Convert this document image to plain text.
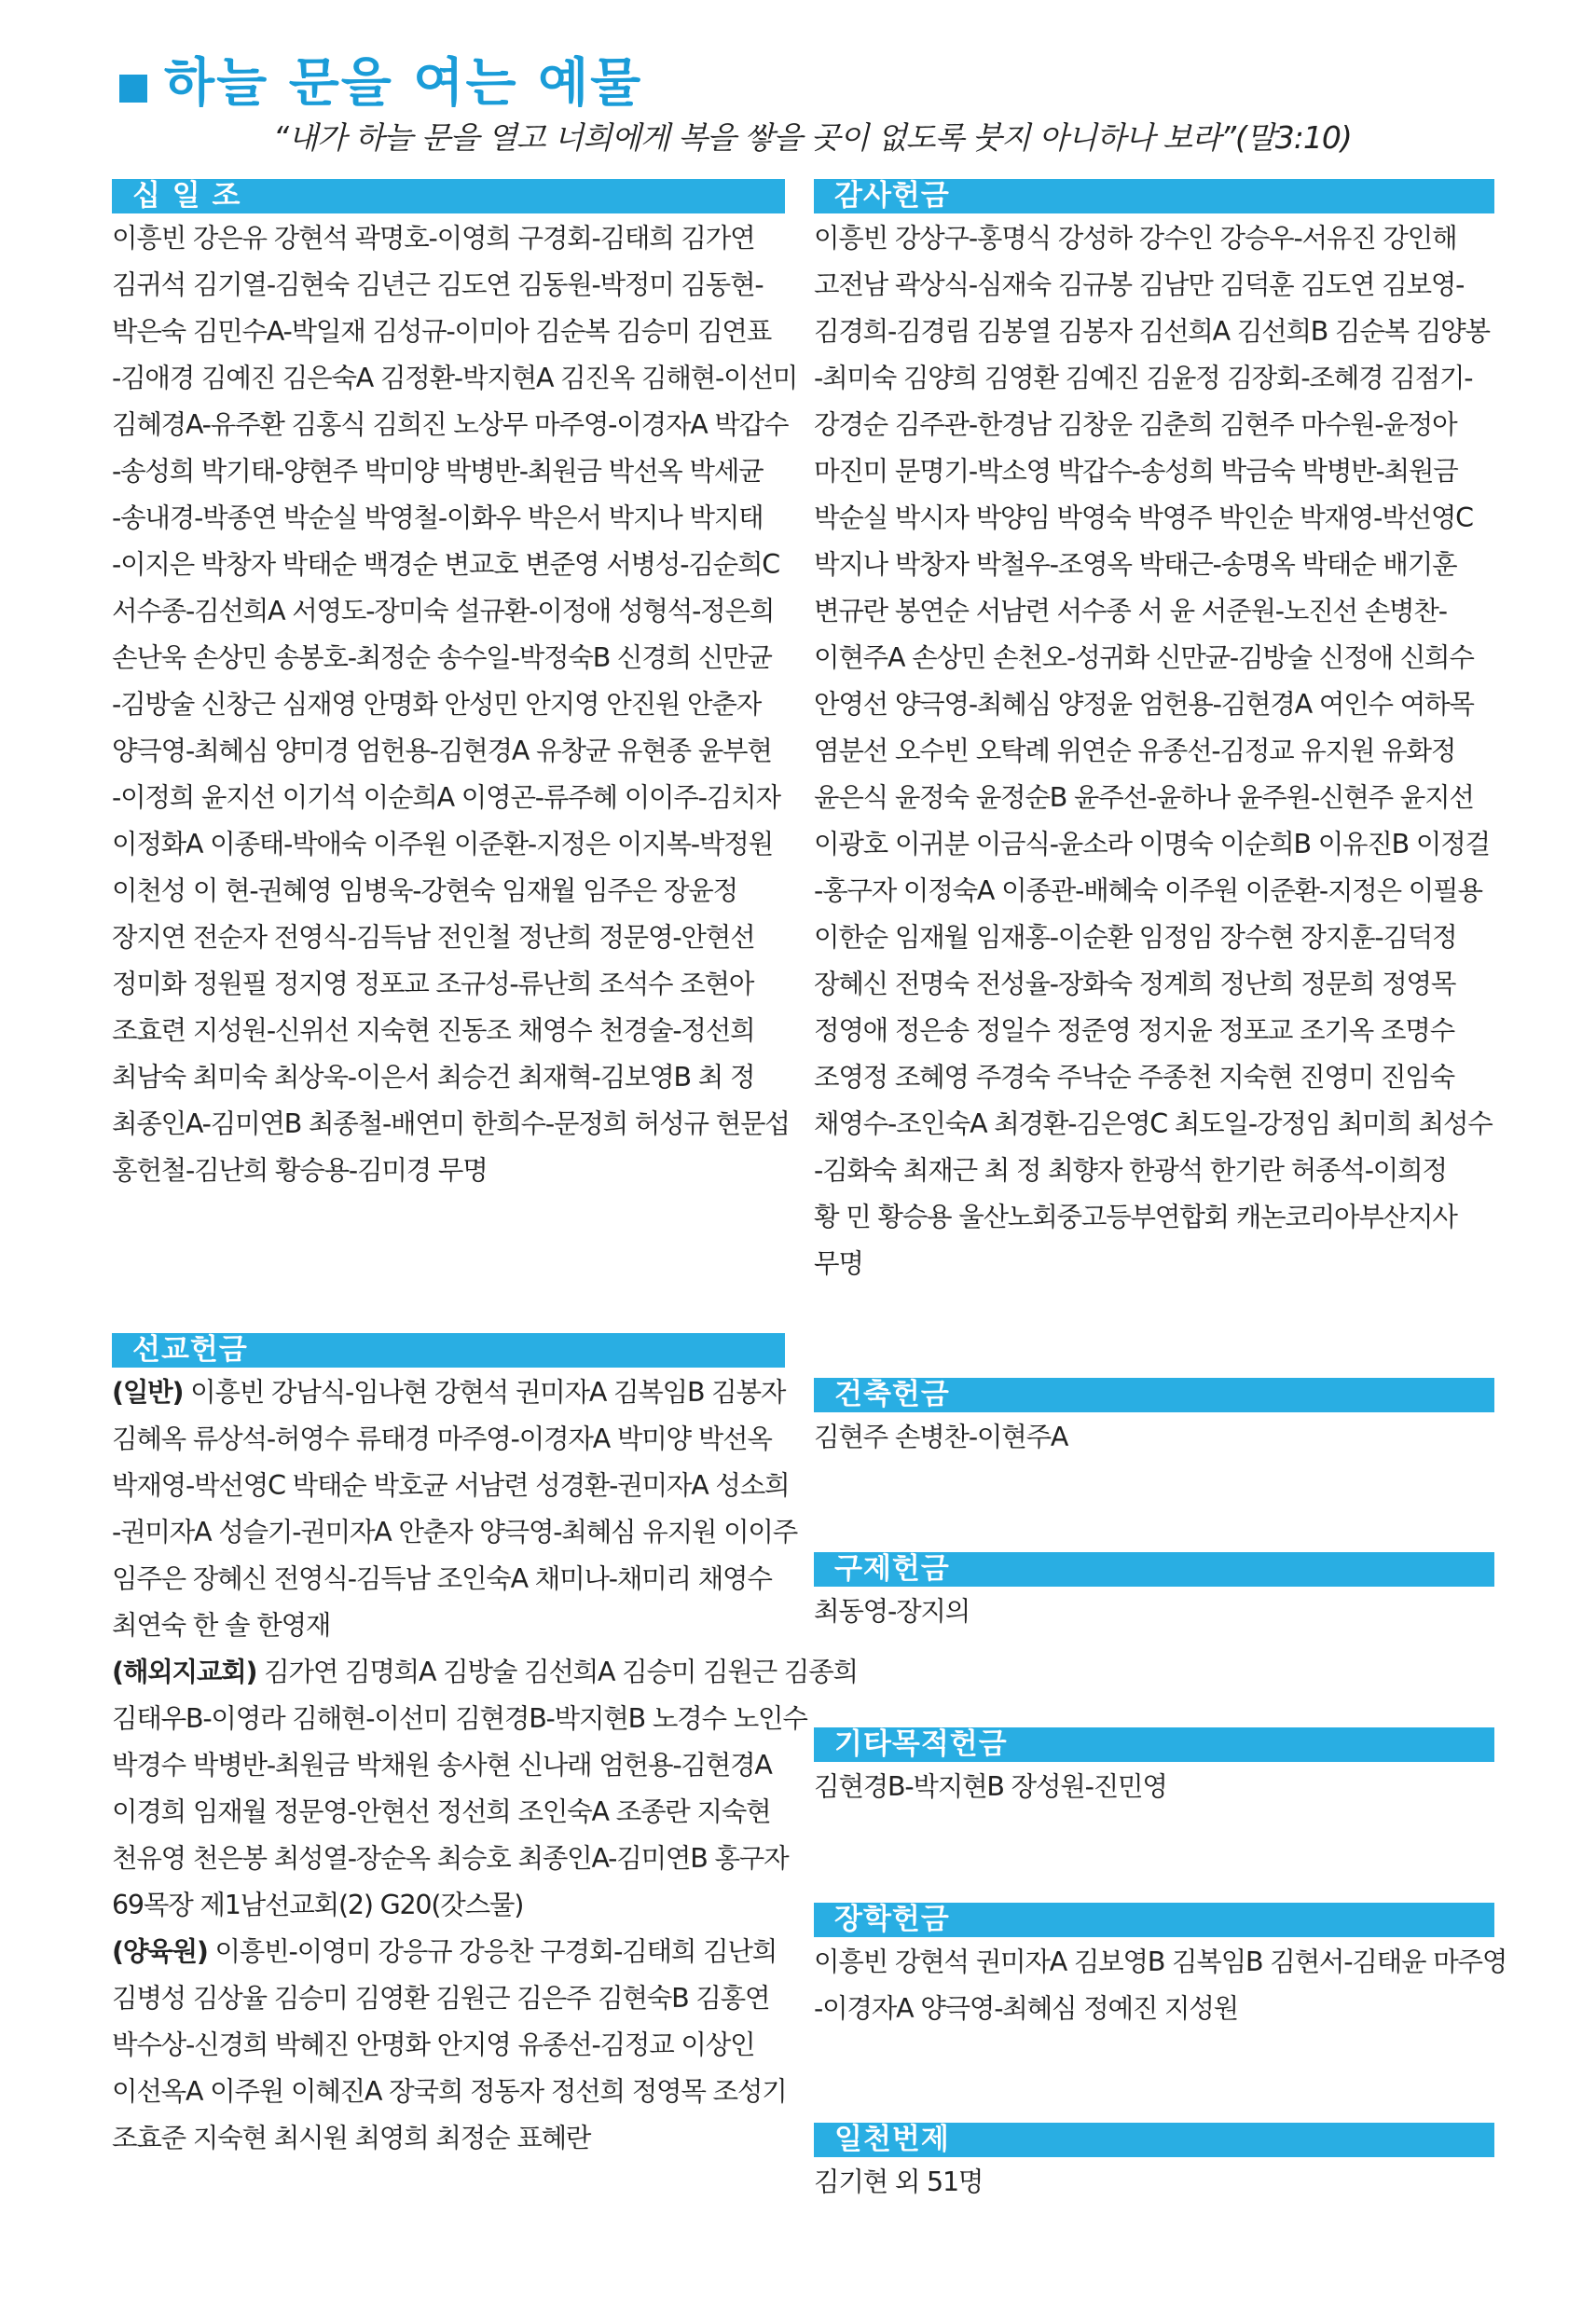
하늘 문을 여는 예물
“내가 하늘 문을 열고 너희에게 복을 쌓을 곳이 없도록 붓지 아니하나 보라”(말3:10)
십 일 조
이흥빈 강은유 강현석 곽명호-이영희 구경회-김태희 김가연
김귀석 김기열-김현숙 김년근 김도연 김동원-박정미 김동현-
박은숙 김민수A-박일재 김성규-이미아 김순복 김승미 김연표
-김애경 김예진 김은숙A 김정환-박지현A 김진옥 김해현-이선미
김혜경A-유주환 김홍식 김희진 노상무 마주영-이경자A 박갑수
-송성희 박기태-양현주 박미양 박병반-최원금 박선옥 박세균
-송내경-박종연 박순실 박영철-이화우 박은서 박지나 박지태
-이지은 박창자 박태순 백경순 변교호 변준영 서병성-김순희C
서수종-김선희A 서영도-장미숙 설규환-이정애 성형석-정은희
손난욱 손상민 송봉호-최정순 송수일-박정숙B 신경희 신만균
-김방술 신창근 심재영 안명화 안성민 안지영 안진원 안춘자
양극영-최혜심 양미경 엄헌용-김현경A 유창균 유현종 윤부현
-이정희 윤지선 이기석 이순희A 이영곤-류주혜 이이주-김치자
이정화A 이종태-박애숙 이주원 이준환-지정은 이지복-박정원
이천성 이 현-권혜영 임병욱-강현숙 임재월 임주은 장윤정
장지연 전순자 전영식-김득남 전인철 정난희 정문영-안현선
정미화 정원필 정지영 정포교 조규성-류난희 조석수 조현아
조효련 지성원-신위선 지숙현 진동조 채영수 천경술-정선희
최남숙 최미숙 최상욱-이은서 최승건 최재혁-김보영B 최 정
최종인A-김미연B 최종철-배연미 한희수-문정희 허성규 현문섭
홍헌철-김난희 황승용-김미경 무명
감사헌금
이흥빈 강상구-홍명식 강성하 강수인 강승우-서유진 강인해
고전남 곽상식-심재숙 김규봉 김남만 김덕훈 김도연 김보영-
김경희-김경림 김봉열 김봉자 김선희A 김선희B 김순복 김양봉
-최미숙 김양희 김영환 김예진 김윤정 김장회-조혜경 김점기-
강경순 김주관-한경남 김창운 김춘희 김현주 마수원-윤정아
마진미 문명기-박소영 박갑수-송성희 박금숙 박병반-최원금
박순실 박시자 박양임 박영숙 박영주 박인순 박재영-박선영C
박지나 박창자 박철우-조영옥 박태근-송명옥 박태순 배기훈
변규란 봉연순 서남련 서수종 서 윤 서준원-노진선 손병찬-
이현주A 손상민 손천오-성귀화 신만균-김방술 신정애 신희수
안영선 양극영-최혜심 양정윤 엄헌용-김현경A 여인수 여하목
염분선 오수빈 오탁례 위연순 유종선-김정교 유지원 유화정
윤은식 윤정숙 윤정순B 윤주선-윤하나 윤주원-신현주 윤지선
이광호 이귀분 이금식-윤소라 이명숙 이순희B 이유진B 이정걸
-홍구자 이정숙A 이종관-배혜숙 이주원 이준환-지정은 이필용
이한순 임재월 임재홍-이순환 임정임 장수현 장지훈-김덕정
장혜신 전명숙 전성율-장화숙 정계희 정난희 정문희 정영목
정영애 정은송 정일수 정준영 정지윤 정포교 조기옥 조명수
조영정 조혜영 주경숙 주낙순 주종천 지숙현 진영미 진임숙
채영수-조인숙A 최경환-김은영C 최도일-강정임 최미희 최성수
-김화숙 최재근 최 정 최향자 한광석 한기란 허종석-이희정
황 민 황승용 울산노회중고등부연합회 캐논코리아부산지사
무명
선교헌금
(일반) 이흥빈 강남식-임나현 강현석 권미자A 김복임B 김봉자
김혜옥 류상석-허영수 류태경 마주영-이경자A 박미양 박선옥
박재영-박선영C 박태순 박호균 서남련 성경환-권미자A 성소희
-권미자A 성슬기-권미자A 안춘자 양극영-최혜심 유지원 이이주
임주은 장혜신 전영식-김득남 조인숙A 채미나-채미리 채영수
최연숙 한 솔 한영재
(해외지교회) 김가연 김명희A 김방술 김선희A 김승미 김원근 김종희
김태우B-이영라 김해현-이선미 김현경B-박지현B 노경수 노인수
박경수 박병반-최원금 박채원 송사현 신나래 엄헌용-김현경A
이경희 임재월 정문영-안현선 정선희 조인숙A 조종란 지숙현
천유영 천은봉 최성열-장순옥 최승호 최종인A-김미연B 홍구자
69목장 제1남선교회(2) G20(갓스물)
(양육원) 이흥빈-이영미 강응규 강응찬 구경회-김태희 김난희
김병성 김상율 김승미 김영환 김원근 김은주 김현숙B 김홍연
박수상-신경희 박혜진 안명화 안지영 유종선-김정교 이상인
이선옥A 이주원 이혜진A 장국희 정동자 정선희 정영목 조성기
조효준 지숙현 최시원 최영희 최정순 표혜란
건축헌금
김현주 손병찬-이현주A
구제헌금
최동영-장지의
기타목적헌금
김현경B-박지현B 장성원-진민영
장학헌금
이흥빈 강현석 권미자A 김보영B 김복임B 김현서-김태윤 마주영
-이경자A 양극영-최혜심 정예진 지성원
일천번제
김기현 외 51명
